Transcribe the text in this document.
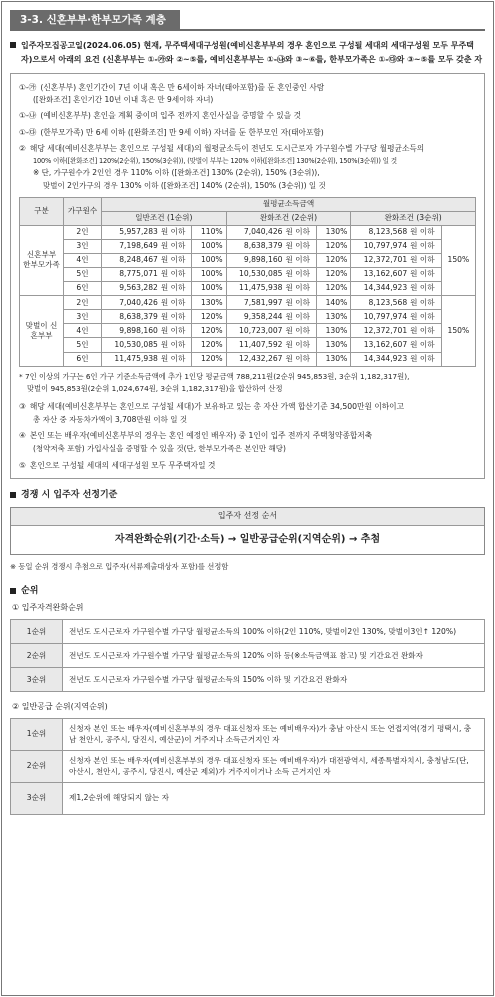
3-3. 신혼부부·한부모가족 계층
입주자모집공고일(2024.06.05) 현재, 무주택세대구성원(예비신혼부부의 경우 혼인으로 구성될 세대의 세대구성원 모두 무주택자)으로서 아래의 요건 (신혼부부는 ①-㉮와 ②~⑤를, 예비신혼부부는 ①-㉯와 ③~⑥를, 한부모가족은 ①-㉰와 ③~⑤를 모두 갖춘 자
①-㉮ (신혼부부) 혼인기간이 7년 이내 혹은 만 6세이하 자녀(태아포함)를 둔 혼인중인 사람
([완화조건] 혼인기간 10년 이내 혹은 만 9세이하 자녀)
①-㉯ (예비신혼부부) 혼인을 계획 중이며 입주 전까지 혼인사실을 증명할 수 있을 것
①-㉰ (한부모가족) 만 6세 이하 ([완화조건] 만 9세 이하) 자녀를 둔 한부모인 자(태아포함)
② 해당 세대(예비신혼부부는 혼인으로 구성될 세대)의 월평균소득이 전년도 도시근로자 가구원수별 가구당 월평균소득의
100% 이하([완화조건] 120%(2순위), 150%(3순위)), (맞벌이 부부는 120% 이하([완화조건] 130%(2순위), 150%(3순위)) 일 것
※ 단, 가구원수가 2인인 경우 110% 이하 ([완화조건] 130% (2순위), 150% (3순위)),
맞벌이 2인가구의 경우 130% 이하 ([완화조건] 140% (2순위), 150% (3순위)) 일 것
구분	가구원수	월평균소득금액								
		일반조건 (1순위)			완화조건 (2순위)			완화조건 (3순위)		
신혼부부 한부모가족	2인	5,957,283	원 이하	110%	7,040,426	원 이하	130%	8,123,568	원 이하	150%
	3인	7,198,649	원 이하	100%	8,638,379	원 이하	120%	10,797,974	원 이하	
	4인	8,248,467	원 이하	100%	9,898,160	원 이하	120%	12,372,701	원 이하	
	5인	8,775,071	원 이하	100%	10,530,085	원 이하	120%	13,162,607	원 이하	
	6인	9,563,282	원 이하	100%	11,475,938	원 이하	120%	14,344,923	원 이하	
맞벌이 신혼부부	2인	7,040,426	원 이하	130%	7,581,997	원 이하	140%	8,123,568	원 이하	150%
	3인	8,638,379	원 이하	120%	9,358,244	원 이하	130%	10,797,974	원 이하	
	4인	9,898,160	원 이하	120%	10,723,007	원 이하	130%	12,372,701	원 이하	
	5인	10,530,085	원 이하	120%	11,407,592	원 이하	130%	13,162,607	원 이하	
	6인	11,475,938	원 이하	120%	12,432,267	원 이하	130%	14,344,923	원 이하	
* 7인 이상의 가구는 6인 가구 기준소득금액에 추가 1인당 평균금액 788,211원(2순위 945,853원, 3순위 1,182,317원),
맞벌이 945,853원(2순위 1,024,674원, 3순위 1,182,317원)을 합산하여 산정
③ 해당 세대(예비신혼부부는 혼인으로 구성될 세대)가 보유하고 있는 총 자산 가액 합산기준 34,500만원 이하이고
총 자산 중 자동차가액이 3,708만원 이하 일 것
④ 본인 또는 배우자(예비신혼부부의 경우는 혼인 예정인 배우자) 중 1인이 입주 전까지 주택청약종합저축
(청약저축 포함) 가입사실을 증명할 수 있을 것(단, 한부모가족은 본인만 해당)
⑤ 혼인으로 구성될 세대의 세대구성원 모두 무주택자일 것
경쟁 시 입주자 선정기준
입주자 선정 순서
자격완화순위(기간·소득) → 일반공급순위(지역순위) → 추첨
※ 동일 순위 경쟁시 추첨으로 입주자(서류제출대상자 포함)를 선정함
순위
① 입주자격완화순위
1순위	전년도 도시근로자 가구원수별 가구당 월평균소득의 100% 이하(2인 110%, 맞벌이2인 130%, 맞벌이3인↑ 120%)
2순위	전년도 도시근로자 가구원수별 가구당 월평균소득의 120% 이하 등(※소득금액표 참고) 및 기간요건 완화자
3순위	전년도 도시근로자 가구원수별 가구당 월평균소득의 150% 이하 및 기간요건 완화자
② 일반공급 순위(지역순위)
1순위	신청자 본인 또는 배우자(예비신혼부부의 경우 대표신청자 또는 예비배우자)가 충남 아산시 또는 연접지역(경기 평택시, 충남 천안시, 공주시, 당진시, 예산군)이 거주지나 소득근거지인 자
2순위	신청자 본인 또는 배우자(예비신혼부부의 경우 대표신청자 또는 예비배우자)가 대전광역시, 세종특별자치시, 충청남도(단, 아산시, 천안시, 공주시, 당진시, 예산군 제외)가 거주지이거나 소득 근거지인 자
3순위	제1,2순위에 해당되지 않는 자
